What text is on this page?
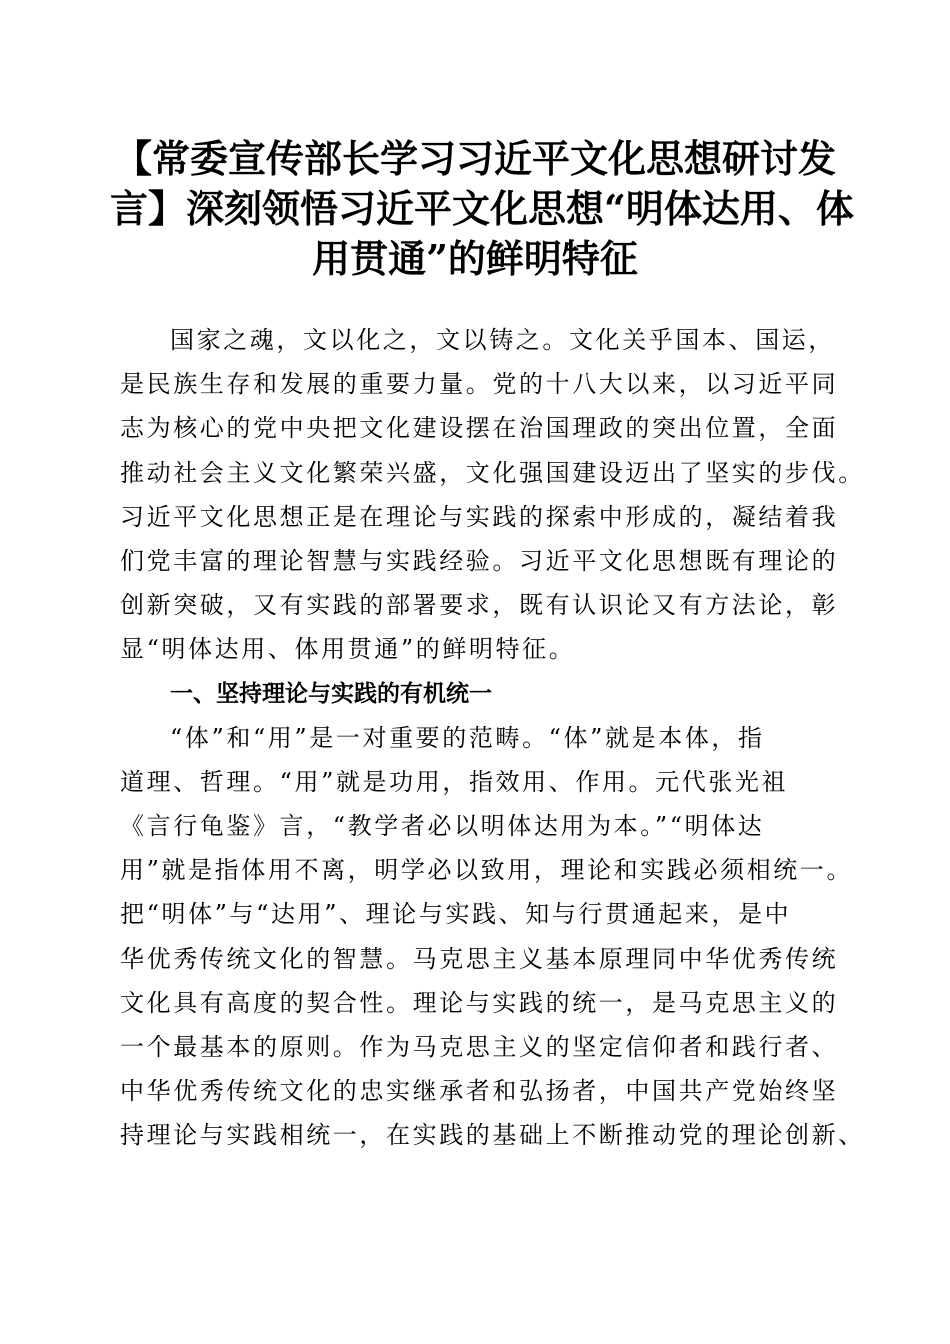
【常委宣传部长学习习近平文化思想研讨发
言】深刻领悟习近平文化思想“明体达用、体
用贯通”的鲜明特征
国家之魂，文以化之，文以铸之。文化关乎国本、国运，
是民族生存和发展的重要力量。党的十八大以来，以习近平同
志为核心的党中央把文化建设摆在治国理政的突出位置，全面
推动社会主义文化繁荣兴盛，文化强国建设迈出了坚实的步伐。
习近平文化思想正是在理论与实践的探索中形成的，凝结着我
们党丰富的理论智慧与实践经验。习近平文化思想既有理论的
创新突破，又有实践的部署要求，既有认识论又有方法论，彰
显“明体达用、体用贯通”的鲜明特征。
一、坚持理论与实践的有机统一
“体”和“用”是一对重要的范畴。“体”就是本体，指
道理、哲理。“用”就是功用，指效用、作用。元代张光祖
《言行龟鉴》言，“教学者必以明体达用为本。”“明体达
用”就是指体用不离，明学必以致用，理论和实践必须相统一。
把“明体”与“达用”、理论与实践、知与行贯通起来，是中
华优秀传统文化的智慧。马克思主义基本原理同中华优秀传统
文化具有高度的契合性。理论与实践的统一，是马克思主义的
一个最基本的原则。作为马克思主义的坚定信仰者和践行者、
中华优秀传统文化的忠实继承者和弘扬者，中国共产党始终坚
持理论与实践相统一，在实践的基础上不断推动党的理论创新、
